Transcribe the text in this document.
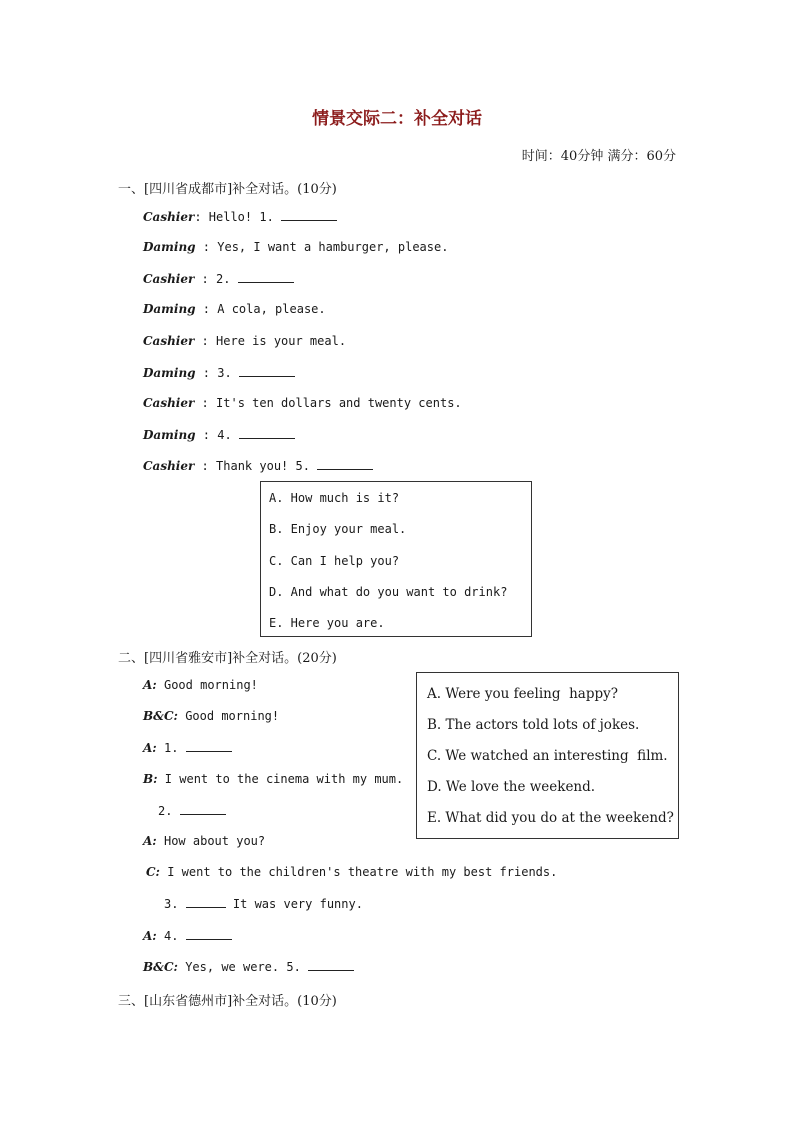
情景交际二：补全对话
时间：40分钟 满分：60分
一、[四川省成都市]补全对话。(10分)
Cashier: Hello! 1.
Daming : Yes, I want a hamburger, please.
Cashier : 2.
Daming : A cola, please.
Cashier : Here is your meal.
Daming : 3.
Cashier : It's ten dollars and twenty cents.
Daming : 4.
Cashier : Thank you! 5.
A. How much is it?
B. Enjoy your meal.
C. Can I help you?
D. And what do you want to drink?
E. Here you are.
二、[四川省雅安市]补全对话。(20分)
A: Good morning!
B&C: Good morning!
A: 1.
B: I went to the cinema with my mum.
2.
A: How about you?
C: I went to the children's theatre with my best friends.
3.	It was very funny.
A: 4.
B&C: Yes, we were. 5.
A. Were you feeling  happy?
B. The actors told lots of jokes.
C. We watched an interesting  film.
D. We love the weekend.
E. What did you do at the weekend?
三、[山东省德州市]补全对话。(10分)
